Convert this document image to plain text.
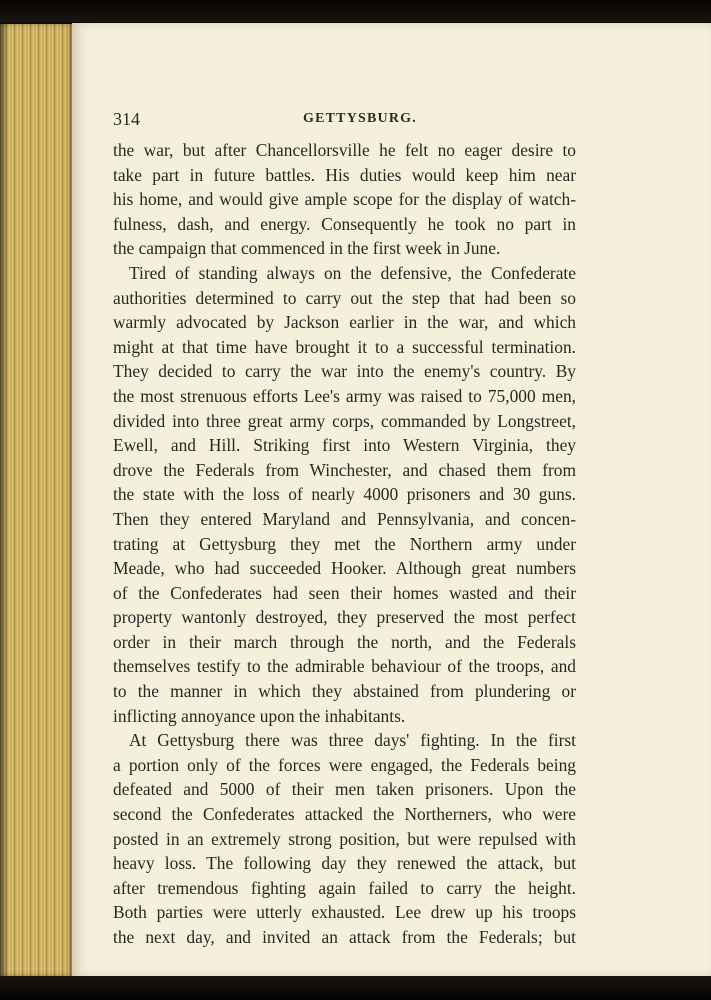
314	GETTYSBURG.
the war, but after Chancellorsville he felt no eager desire to
take part in future battles. His duties would keep him near
his home, and would give ample scope for the display of watch-
fulness, dash, and energy. Consequently he took no part in
the campaign that commenced in the first week in June.
Tired of standing always on the defensive, the Confederate
authorities determined to carry out the step that had been so
warmly advocated by Jackson earlier in the war, and which
might at that time have brought it to a successful termination.
They decided to carry the war into the enemy's country. By
the most strenuous efforts Lee's army was raised to 75,000 men,
divided into three great army corps, commanded by Longstreet,
Ewell, and Hill. Striking first into Western Virginia, they
drove the Federals from Winchester, and chased them from
the state with the loss of nearly 4000 prisoners and 30 guns.
Then they entered Maryland and Pennsylvania, and concen-
trating at Gettysburg they met the Northern army under
Meade, who had succeeded Hooker. Although great numbers
of the Confederates had seen their homes wasted and their
property wantonly destroyed, they preserved the most perfect
order in their march through the north, and the Federals
themselves testify to the admirable behaviour of the troops, and
to the manner in which they abstained from plundering or
inflicting annoyance upon the inhabitants.
At Gettysburg there was three days' fighting. In the first
a portion only of the forces were engaged, the Federals being
defeated and 5000 of their men taken prisoners. Upon the
second the Confederates attacked the Northerners, who were
posted in an extremely strong position, but were repulsed with
heavy loss. The following day they renewed the attack, but
after tremendous fighting again failed to carry the height.
Both parties were utterly exhausted. Lee drew up his troops
the next day, and invited an attack from the Federals; but
